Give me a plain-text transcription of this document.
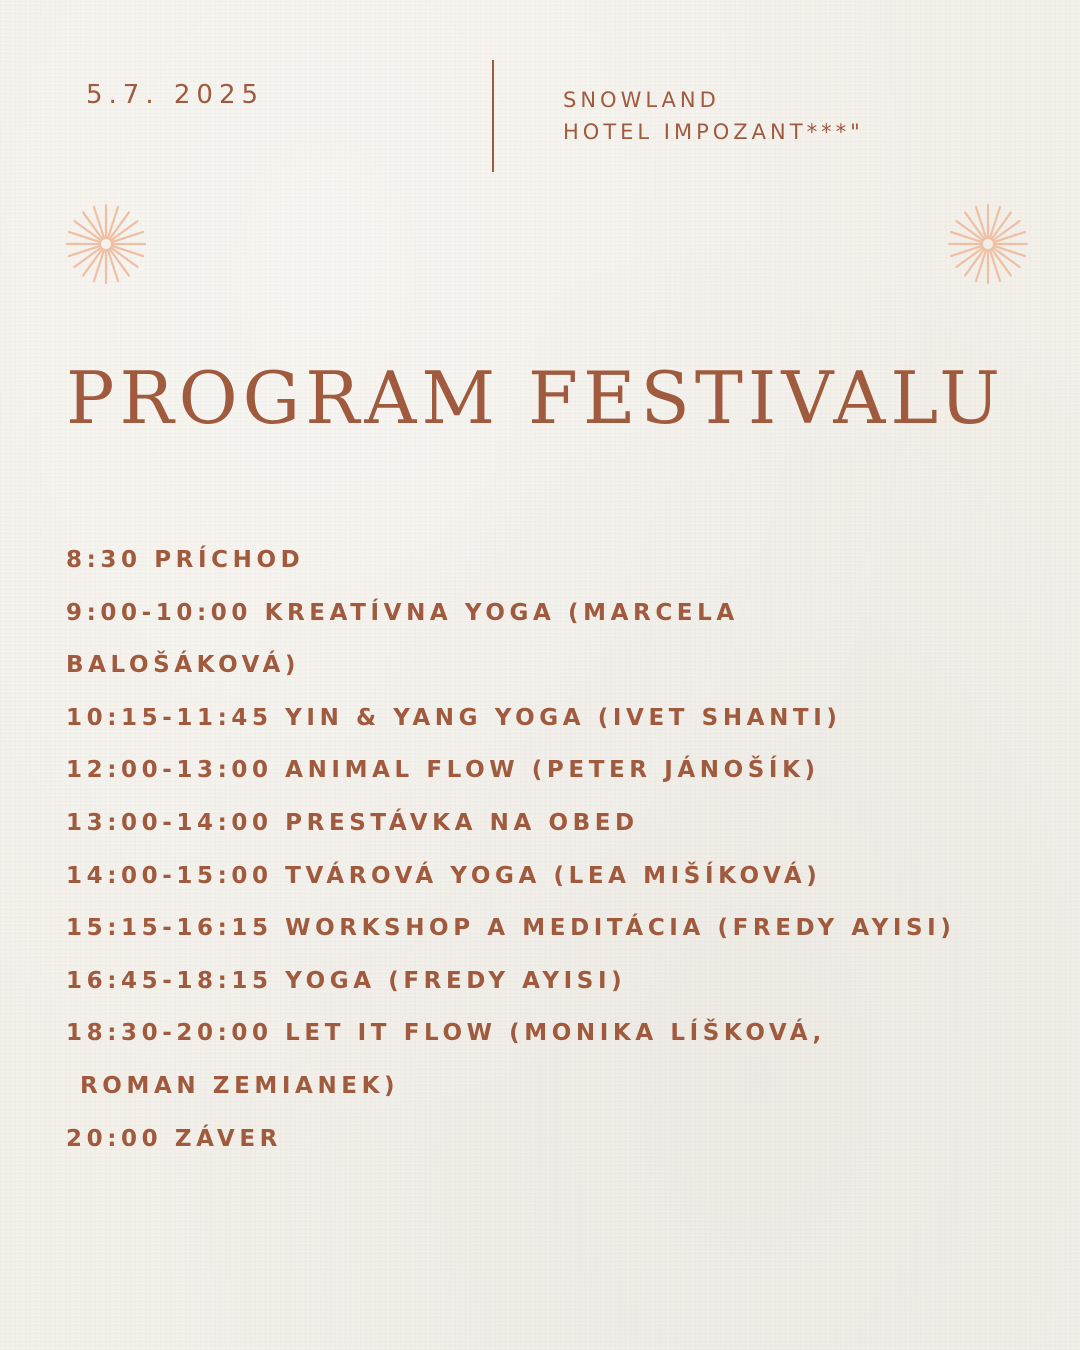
5.7. 2025	SNOWLAND
HOTEL IMPOZANT***"
PROGRAM FESTIVALU
8:30 PRÍCHOD
9:00-10:00 KREATÍVNA YOGA (MARCELA
BALOŠÁKOVÁ)
10:15-11:45 YIN & YANG YOGA (IVET SHANTI)
12:00-13:00 ANIMAL FLOW (PETER JÁNOŠÍK)
13:00-14:00 PRESTÁVKA NA OBED
14:00-15:00 TVÁROVÁ YOGA (LEA MIŠÍKOVÁ)
15:15-16:15 WORKSHOP A MEDITÁCIA (FREDY AYISI)
16:45-18:15 YOGA (FREDY AYISI)
18:30-20:00 LET IT FLOW (MONIKA LÍŠKOVÁ,
ROMAN ZEMIANEK)
20:00 ZÁVER
